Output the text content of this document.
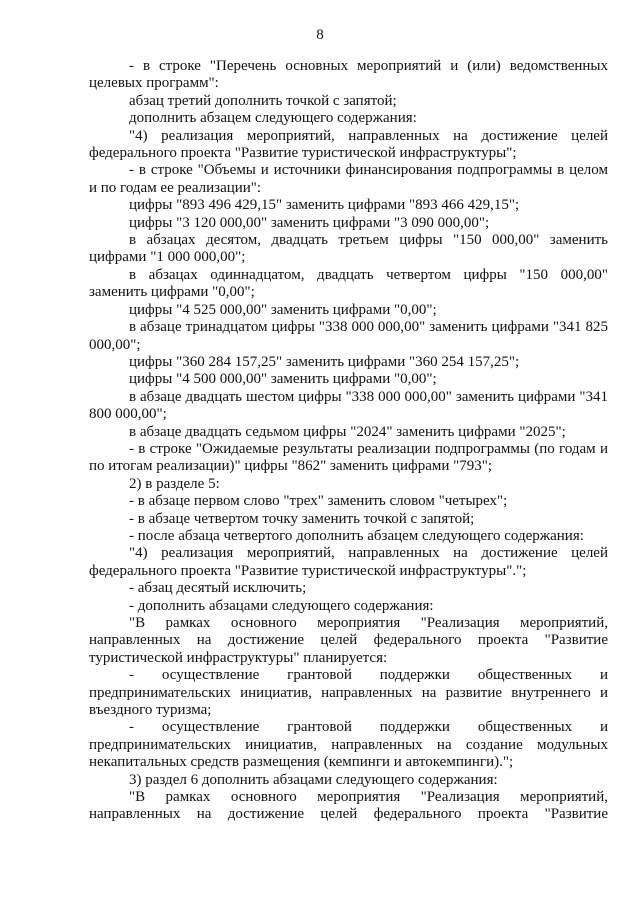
8

- в строке "Перечень основных мероприятий и (или) ведомственных целевых программ":

абзац третий дополнить точкой с запятой;

дополнить абзацем следующего содержания:

"4) реализация мероприятий, направленных на достижение целей федерального проекта "Развитие туристической инфраструктуры";

- в строке "Объемы и источники финансирования подпрограммы в целом и по годам ее реализации":

цифры "893 496 429,15" заменить цифрами "893 466 429,15";

цифры "3 120 000,00" заменить цифрами "3 090 000,00";

в абзацах десятом, двадцать третьем цифры "150 000,00" заменить цифрами "1 000 000,00";

в абзацах одиннадцатом, двадцать четвертом цифры "150 000,00" заменить цифрами "0,00";

цифры "4 525 000,00" заменить цифрами "0,00";

в абзаце тринадцатом цифры "338 000 000,00" заменить цифрами "341 825 000,00";

цифры "360 284 157,25" заменить цифрами "360 254 157,25";

цифры "4 500 000,00" заменить цифрами "0,00";

в абзаце двадцать шестом цифры "338 000 000,00" заменить цифрами "341 800 000,00";

в абзаце двадцать седьмом цифры "2024" заменить цифрами "2025";

- в строке "Ожидаемые результаты реализации подпрограммы (по годам и по итогам реализации)" цифры "862" заменить цифрами "793";

2) в разделе 5:

- в абзаце первом слово "трех" заменить словом "четырех";

- в абзаце четвертом точку заменить точкой с запятой;

- после абзаца четвертого дополнить абзацем следующего содержания:

"4) реализация мероприятий, направленных на достижение целей федерального проекта "Развитие туристической инфраструктуры".";

- абзац десятый исключить;

- дополнить абзацами следующего содержания:

"В рамках основного мероприятия "Реализация мероприятий, направленных на достижение целей федерального проекта "Развитие туристической инфраструктуры" планируется:

- осуществление грантовой поддержки общественных и предпринимательских инициатив, направленных на развитие внутреннего и въездного туризма;

- осуществление грантовой поддержки общественных и предпринимательских инициатив, направленных на создание модульных некапитальных средств размещения (кемпинги и автокемпинги).";

3) раздел 6 дополнить абзацами следующего содержания:

"В рамках основного мероприятия "Реализация мероприятий, направленных на достижение целей федерального проекта "Развитие
